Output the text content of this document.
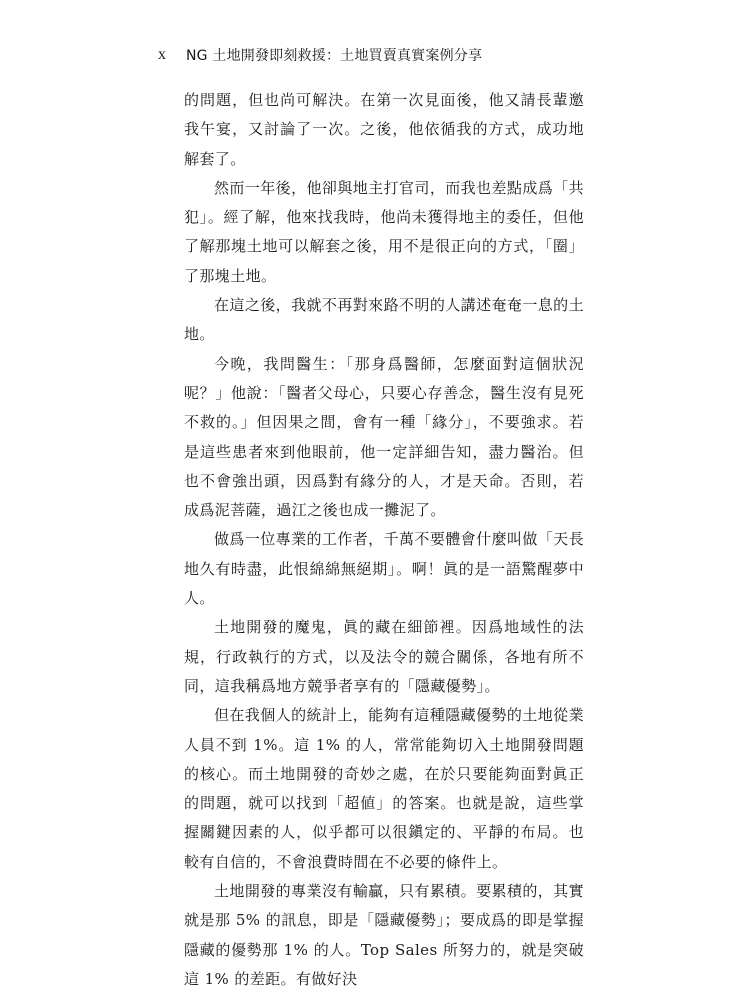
x NG 土地開發即刻救援：土地買賣真實案例分享

的問題，但也尚可解決。在第一次見面後，他又請長輩邀我午宴，又討論了一次。之後，他依循我的方式，成功地解套了。

然而一年後，他卻與地主打官司，而我也差點成爲「共犯」。經了解，他來找我時，他尚未獲得地主的委任，但他了解那塊土地可以解套之後，用不是很正向的方式，「圈」了那塊土地。

在這之後，我就不再對來路不明的人講述奄奄一息的土地。

今晚，我問醫生：「那身爲醫師，怎麼面對這個狀況呢？」他說：「醫者父母心，只要心存善念，醫生沒有見死不救的。」但因果之間，會有一種「緣分」，不要強求。若是這些患者來到他眼前，他一定詳細告知，盡力醫治。但也不會強出頭，因爲對有緣分的人，才是天命。否則，若成爲泥菩薩，過江之後也成一攤泥了。

做爲一位專業的工作者，千萬不要體會什麼叫做「天長地久有時盡，此恨綿綿無絕期」。啊！眞的是一語驚醒夢中人。

土地開發的魔鬼，眞的藏在細節裡。因爲地域性的法規，行政執行的方式，以及法令的競合關係，各地有所不同，這我稱爲地方競爭者享有的「隱藏優勢」。

但在我個人的統計上，能夠有這種隱藏優勢的土地從業人員不到 1%。這 1% 的人，常常能夠切入土地開發問題的核心。而土地開發的奇妙之處，在於只要能夠面對眞正的問題，就可以找到「超値」的答案。也就是說，這些掌握關鍵因素的人，似乎都可以很鎭定的、平靜的布局。也較有自信的，不會浪費時間在不必要的條件上。

土地開發的專業沒有輸贏，只有累積。要累積的，其實就是那 5% 的訊息，即是「隱藏優勢」；要成爲的即是掌握隱藏的優勢那 1% 的人。Top Sales 所努力的，就是突破這 1% 的差距。有做好決
